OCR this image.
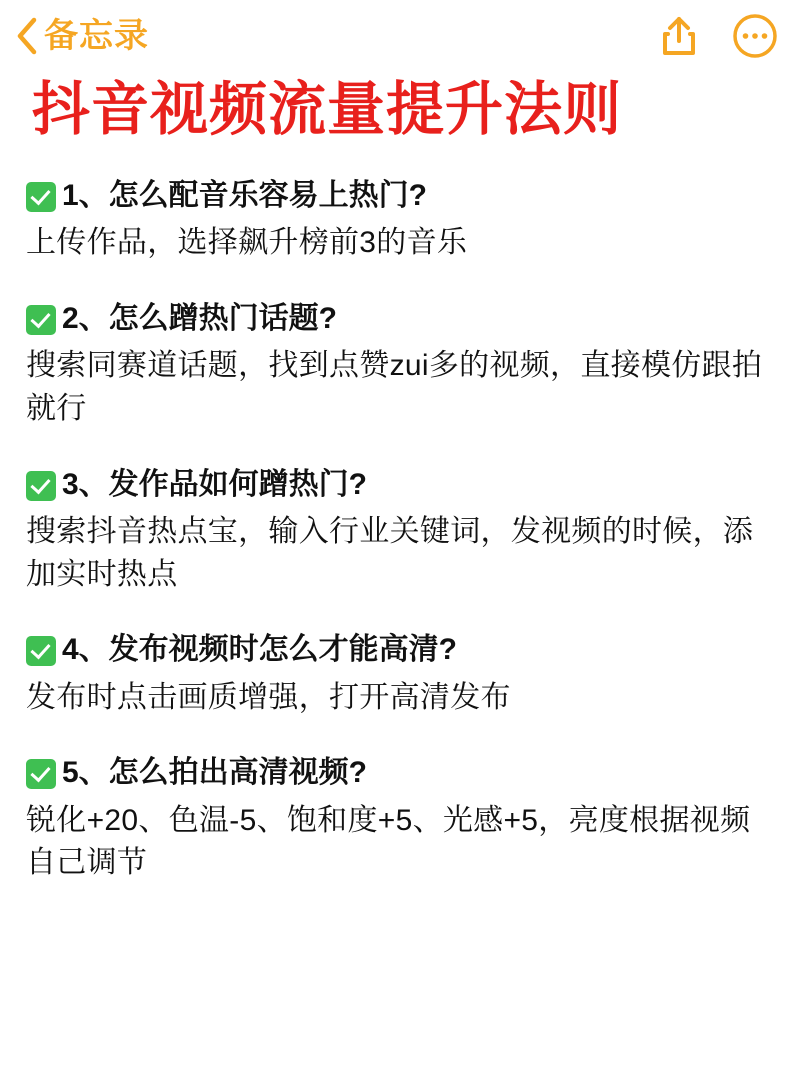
备忘录
抖音视频流量提升法则
1、怎么配音乐容易上热门?
上传作品，选择飙升榜前3的音乐
2、怎么蹭热门话题?
搜索同赛道话题，找到点赞zui多的视频，直接模仿跟拍就行
3、发作品如何蹭热门?
搜索抖音热点宝，输入行业关键词，发视频的时候，添加实时热点
4、发布视频时怎么才能高清?
发布时点击画质增强，打开高清发布
5、怎么拍出高清视频?
锐化+20、色温-5、饱和度+5、光感+5，亮度根据视频自己调节
